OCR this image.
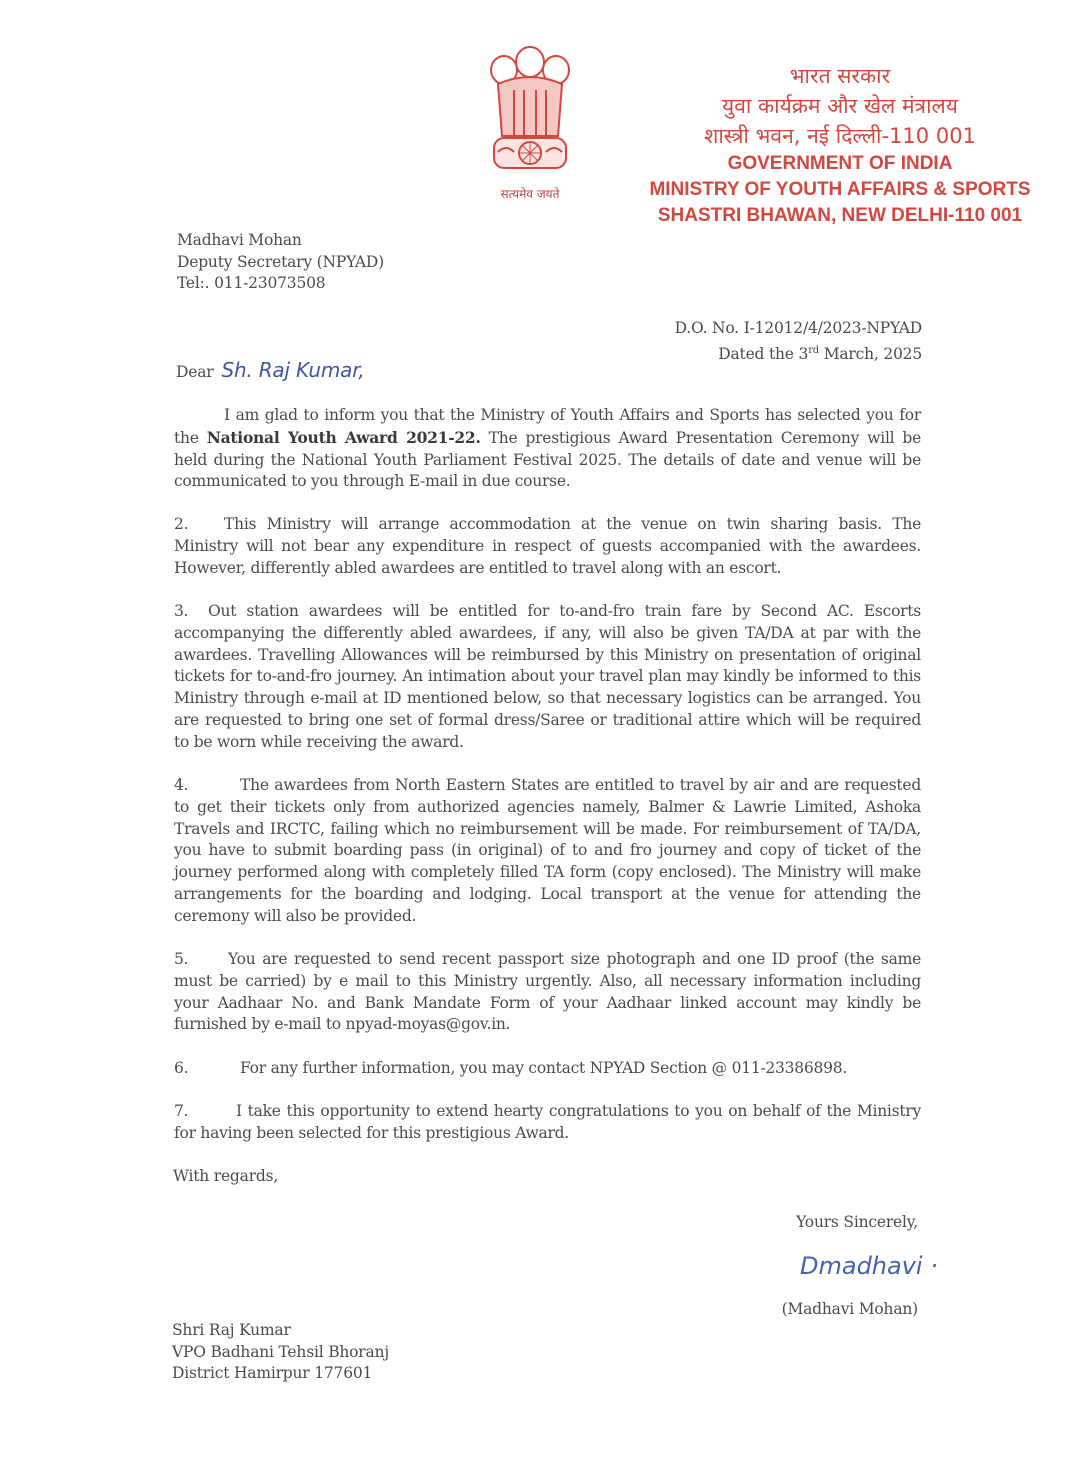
सत्यमेव जयते
भारत सरकार
युवा कार्यक्रम और खेल मंत्रालय
शास्त्री भवन, नई दिल्ली-110 001
GOVERNMENT OF INDIA
MINISTRY OF YOUTH AFFAIRS & SPORTS
SHASTRI BHAWAN, NEW DELHI-110 001
Madhavi Mohan
Deputy Secretary (NPYAD)
Tel:. 011-23073508
D.O. No. I-12012/4/2023-NPYAD
Dated the 3rd March, 2025
Dear Sh. Raj Kumar,
I am glad to inform you that the Ministry of Youth Affairs and Sports has selected you for the National Youth Award 2021-22. The prestigious Award Presentation Ceremony will be held during the National Youth Parliament Festival 2025. The details of date and venue will be communicated to you through E-mail in due course.
2. This Ministry will arrange accommodation at the venue on twin sharing basis. The Ministry will not bear any expenditure in respect of guests accompanied with the awardees. However, differently abled awardees are entitled to travel along with an escort.
3. Out station awardees will be entitled for to-and-fro train fare by Second AC. Escorts accompanying the differently abled awardees, if any, will also be given TA/DA at par with the awardees. Travelling Allowances will be reimbursed by this Ministry on presentation of original tickets for to-and-fro journey. An intimation about your travel plan may kindly be informed to this Ministry through e-mail at ID mentioned below, so that necessary logistics can be arranged. You are requested to bring one set of formal dress/Saree or traditional attire which will be required to be worn while receiving the award.
4.	The awardees from North Eastern States are entitled to travel by air and are requested to get their tickets only from authorized agencies namely, Balmer & Lawrie Limited, Ashoka Travels and IRCTC, failing which no reimbursement will be made. For reimbursement of TA/DA, you have to submit boarding pass (in original) of to and fro journey and copy of ticket of the journey performed along with completely filled TA form (copy enclosed). The Ministry will make arrangements for the boarding and lodging. Local transport at the venue for attending the ceremony will also be provided.
5.	You are requested to send recent passport size photograph and one ID proof (the same must be carried) by e mail to this Ministry urgently. Also, all necessary information including your Aadhaar No. and Bank Mandate Form of your Aadhaar linked account may kindly be furnished by e-mail to npyad-moyas@gov.in.
6.	For any further information, you may contact NPYAD Section @ 011-23386898.
7.	I take this opportunity to extend hearty congratulations to you on behalf of the Ministry for having been selected for this prestigious Award.
With regards,
Yours Sincerely,
Dmadhavi ·
(Madhavi Mohan)
Shri Raj Kumar
VPO Badhani Tehsil Bhoranj
District Hamirpur 177601
